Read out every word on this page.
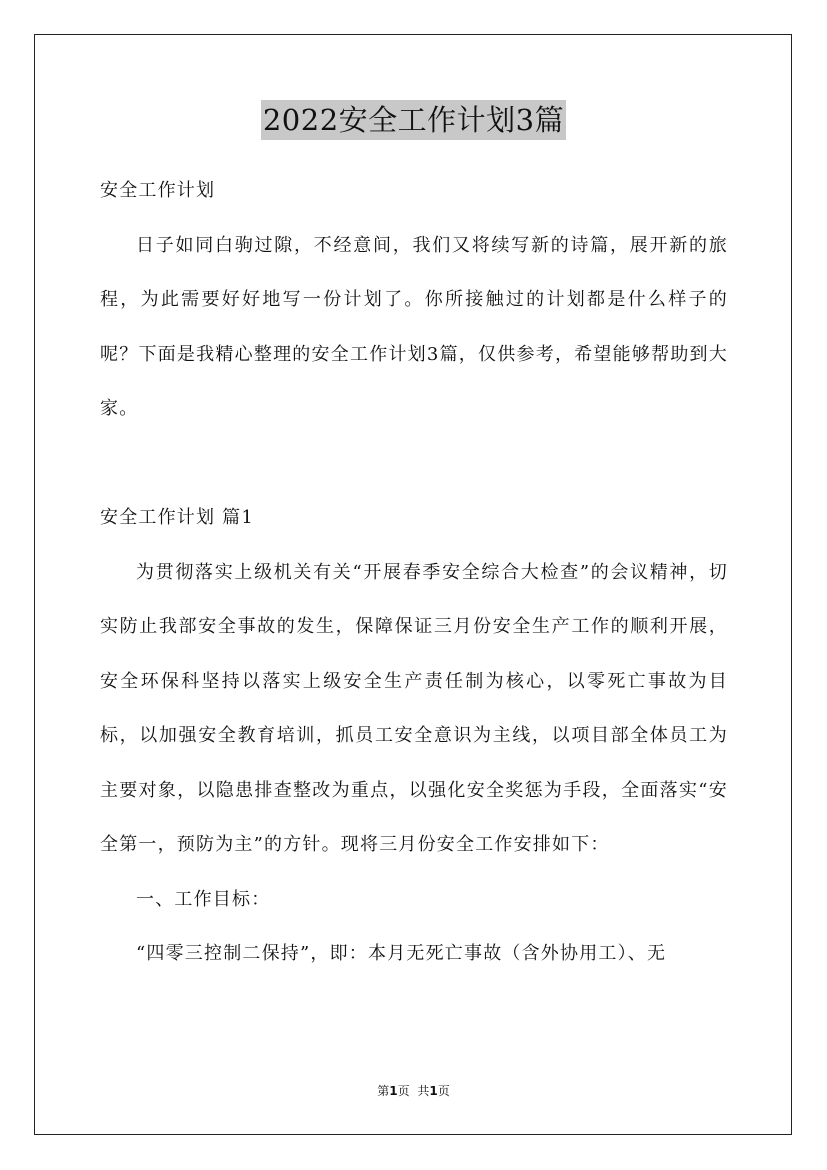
2022安全工作计划3篇

安全工作计划

日子如同白驹过隙，不经意间，我们又将续写新的诗篇，展开新的旅程，为此需要好好地写一份计划了。你所接触过的计划都是什么样子的呢？下面是我精心整理的安全工作计划3篇，仅供参考，希望能够帮助到大家。

安全工作计划 篇1

为贯彻落实上级机关有关“开展春季安全综合大检查”的会议精神，切实防止我部安全事故的发生，保障保证三月份安全生产工作的顺利开展，安全环保科坚持以落实上级安全生产责任制为核心，以零死亡事故为目标，以加强安全教育培训，抓员工安全意识为主线，以项目部全体员工为主要对象，以隐患排查整改为重点，以强化安全奖惩为手段，全面落实“安全第一，预防为主”的方针。现将三月份安全工作安排如下：

一、工作目标：

“四零三控制二保持”，即：本月无死亡事故（含外协用工）、无

第1页 共1页
